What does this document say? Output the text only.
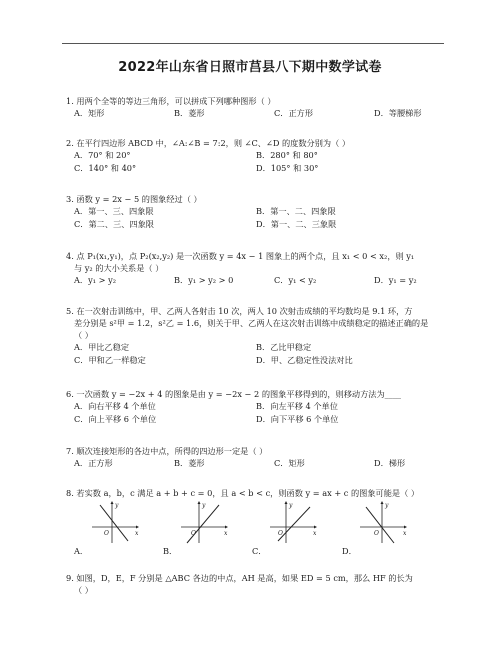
2022年山东省日照市莒县八下期中数学试卷
1. 用两个全等的等边三角形，可以拼成下列哪种图形（ ）
A．矩形	B．菱形	C．正方形	D．等腰梯形
2. 在平行四边形 ABCD 中，∠A:∠B = 7:2，则 ∠C、∠D 的度数分别为（ ）
A．70° 和 20°	B．280° 和 80°
C．140° 和 40°	D．105° 和 30°
3. 函数 y = 2x − 5 的图象经过（ ）
A．第一、三、四象限	B．第一、二、四象限
C．第二、三、四象限	D．第一、二、三象限
4. 点 P₁(x₁,y₁)，点 P₂(x₂,y₂) 是一次函数 y = 4x − 1 图象上的两个点，且 x₁ < 0 < x₂，则 y₁
与 y₂ 的大小关系是（ ）
A．y₁ > y₂	B．y₁ > y₂ > 0	C．y₁ < y₂	D．y₁ = y₂
5. 在一次射击训练中，甲、乙两人各射击 10 次，两人 10 次射击成绩的平均数均是 9.1 环，方
差分别是 s²甲 = 1.2，s²乙 = 1.6，则关于甲、乙两人在这次射击训练中成绩稳定的描述正确的是
（ ）
A．甲比乙稳定	B．乙比甲稳定
C．甲和乙一样稳定	D．甲、乙稳定性没法对比
6. 一次函数 y = −2x + 4 的图象是由 y = −2x − 2 的图象平移得到的，则移动方法为____
A．向右平移 4 个单位	B．向左平移 4 个单位
C．向上平移 6 个单位	D．向下平移 6 个单位
7. 顺次连接矩形的各边中点，所得的四边形一定是（ ）
A．正方形	B．菱形	C．矩形	D．梯形
8. 若实数 a，b，c 满足 a + b + c = 0，且 a < b < c，则函数 y = ax + c 的图象可能是（ ）
y
x
O
y
x
O
y
x
O
y
x
O
A．	B．	C．	D．
9. 如图，D，E，F 分别是 △ABC 各边的中点，AH 是高，如果 ED = 5 cm，那么 HF 的长为
（ ）
